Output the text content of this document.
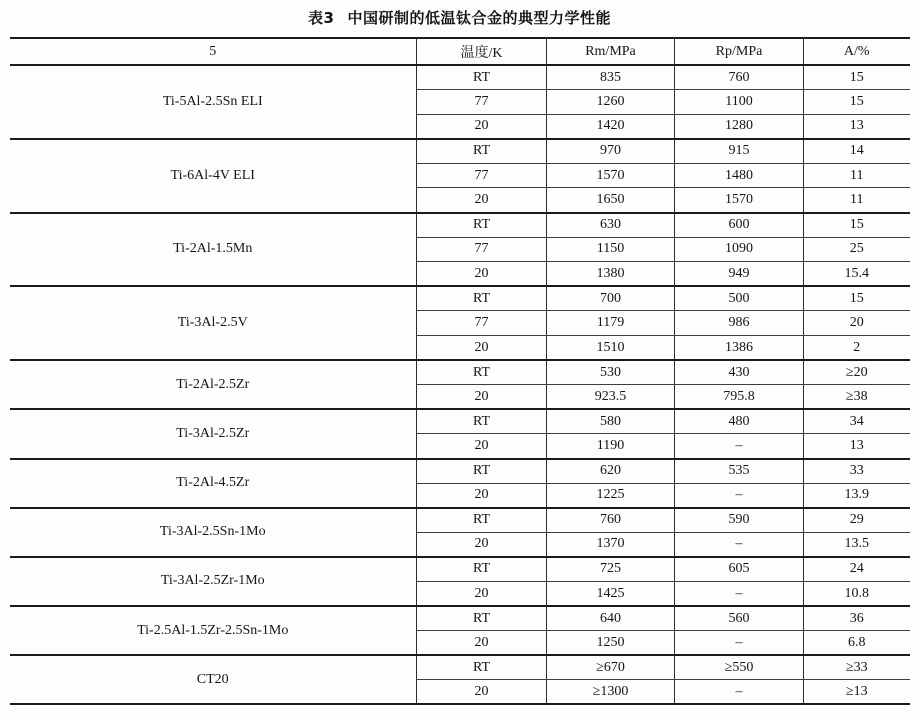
表3 中国研制的低温钛合金的典型力学性能
5	温度/K	Rm/MPa	Rp/MPa	A/%
Ti-5Al-2.5Sn ELI	RT	835	760	15
	77	1260	1100	15
	20	1420	1280	13
Ti-6Al-4V ELI	RT	970	915	14
	77	1570	1480	11
	20	1650	1570	11
Ti-2Al-1.5Mn	RT	630	600	15
	77	1150	1090	25
	20	1380	949	15.4
Ti-3Al-2.5V	RT	700	500	15
	77	1179	986	20
	20	1510	1386	2
Ti-2Al-2.5Zr	RT	530	430	≥20
	20	923.5	795.8	≥38
Ti-3Al-2.5Zr	RT	580	480	34
	20	1190	–	13
Ti-2Al-4.5Zr	RT	620	535	33
	20	1225	–	13.9
Ti-3Al-2.5Sn-1Mo	RT	760	590	29
	20	1370	–	13.5
Ti-3Al-2.5Zr-1Mo	RT	725	605	24
	20	1425	–	10.8
Ti-2.5Al-1.5Zr-2.5Sn-1Mo	RT	640	560	36
	20	1250	–	6.8
CT20	RT	≥670	≥550	≥33
	20	≥1300	–	≥13
